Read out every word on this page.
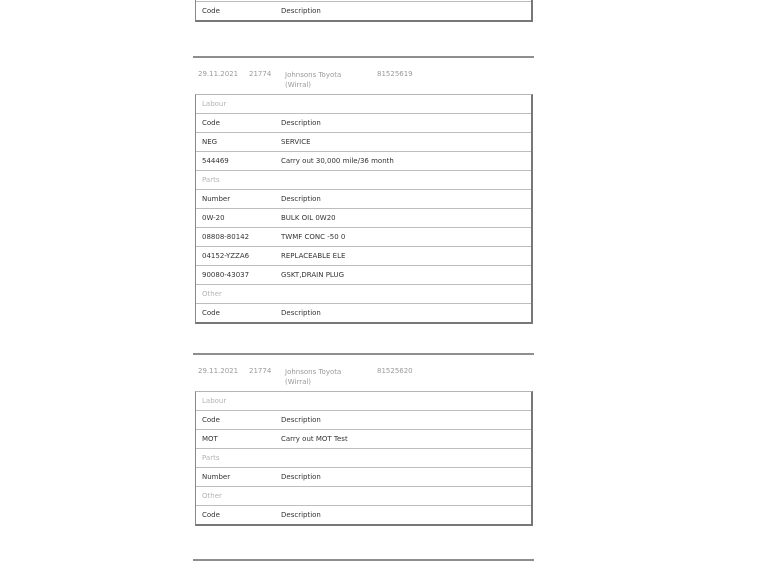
Code	Description
29.11.2021 21774 Johnsons Toyota (Wirral)
81525619
Labour
Code	Description
NEG	SERVICE
544469	Carry out 30,000 mile/36 month
Parts
Number	Description
0W-20	BULK OIL 0W20
08808-80142	TWMF CONC -50 0
04152-YZZA6	REPLACEABLE ELE
90080-43037	GSKT,DRAIN PLUG
Other
Code	Description
29.11.2021 21774 Johnsons Toyota (Wirral)
81525620
Labour
Code	Description
MOT	Carry out MOT Test
Parts
Number	Description
Other
Code	Description
